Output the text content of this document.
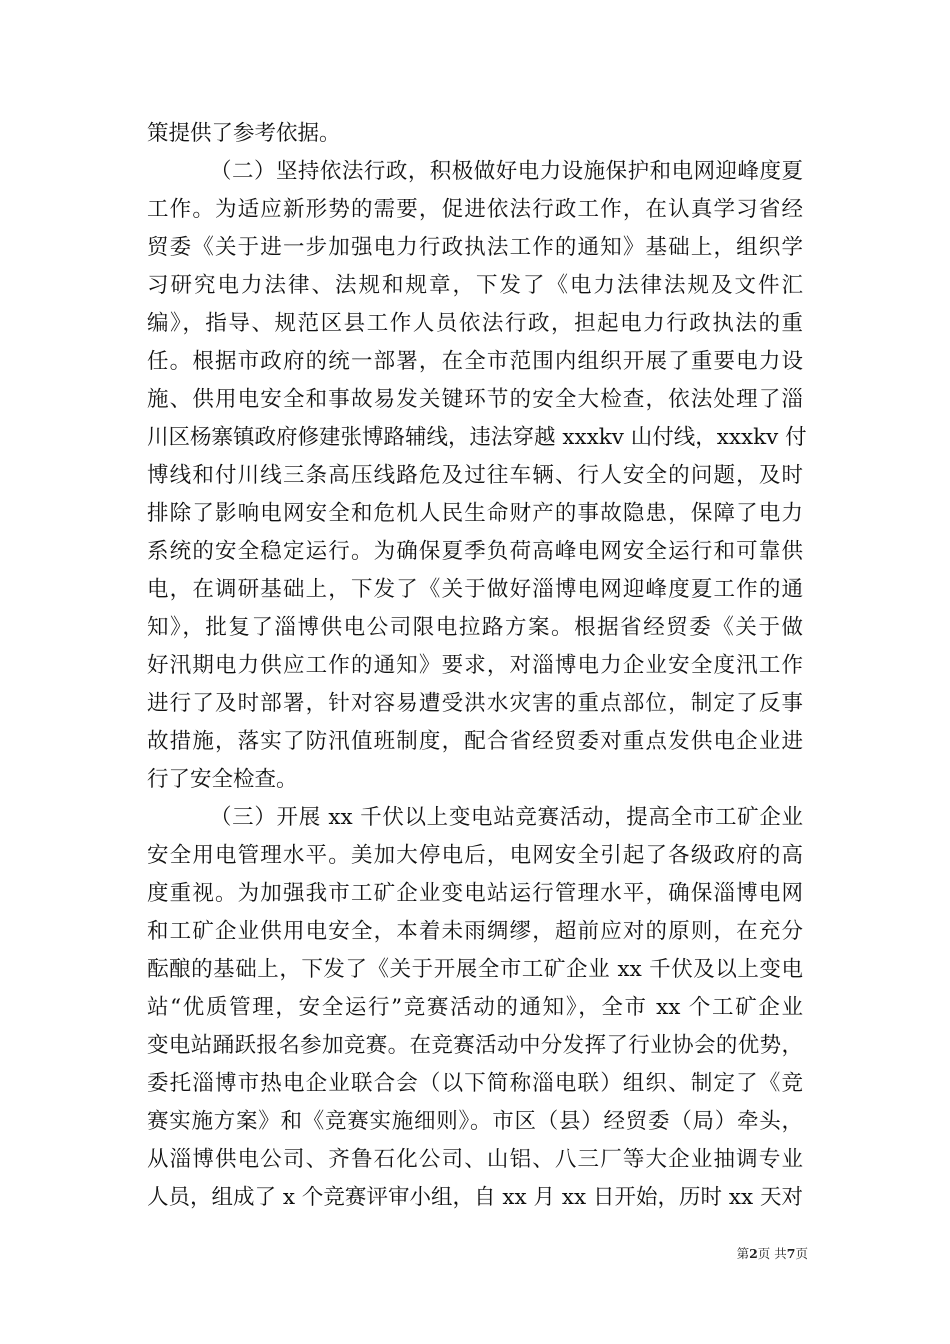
策提供了参考依据。
（二）坚持依法行政，积极做好电力设施保护和电网迎峰度夏
工作。为适应新形势的需要，促进依法行政工作，在认真学习省经
贸委《关于进一步加强电力行政执法工作的通知》基础上，组织学
习研究电力法律、法规和规章，下发了《电力法律法规及文件汇
编》，指导、规范区县工作人员依法行政，担起电力行政执法的重
任。根据市政府的统一部署，在全市范围内组织开展了重要电力设
施、供用电安全和事故易发关键环节的安全大检查，依法处理了淄
川区杨寨镇政府修建张博路辅线，违法穿越 xxxkv 山付线，xxxkv 付
博线和付川线三条高压线路危及过往车辆、行人安全的问题，及时
排除了影响电网安全和危机人民生命财产的事故隐患，保障了电力
系统的安全稳定运行。为确保夏季负荷高峰电网安全运行和可靠供
电，在调研基础上，下发了《关于做好淄博电网迎峰度夏工作的通
知》，批复了淄博供电公司限电拉路方案。根据省经贸委《关于做
好汛期电力供应工作的通知》要求，对淄博电力企业安全度汛工作
进行了及时部署，针对容易遭受洪水灾害的重点部位，制定了反事
故措施，落实了防汛值班制度，配合省经贸委对重点发供电企业进
行了安全检查。
（三）开展 xx 千伏以上变电站竞赛活动，提高全市工矿企业
安全用电管理水平。美加大停电后，电网安全引起了各级政府的高
度重视。为加强我市工矿企业变电站运行管理水平，确保淄博电网
和工矿企业供用电安全，本着未雨绸缪，超前应对的原则，在充分
酝酿的基础上，下发了《关于开展全市工矿企业 xx 千伏及以上变电
站“优质管理，安全运行”竞赛活动的通知》，全市 xx 个工矿企业
变电站踊跃报名参加竞赛。在竞赛活动中分发挥了行业协会的优势，
委托淄博市热电企业联合会（以下简称淄电联）组织、制定了《竞
赛实施方案》和《竞赛实施细则》。市区（县）经贸委（局）牵头，
从淄博供电公司、齐鲁石化公司、山铝、八三厂等大企业抽调专业
人员，组成了 x 个竞赛评审小组，自 xx 月 xx 日开始，历时 xx 天对
第2页 共7页
